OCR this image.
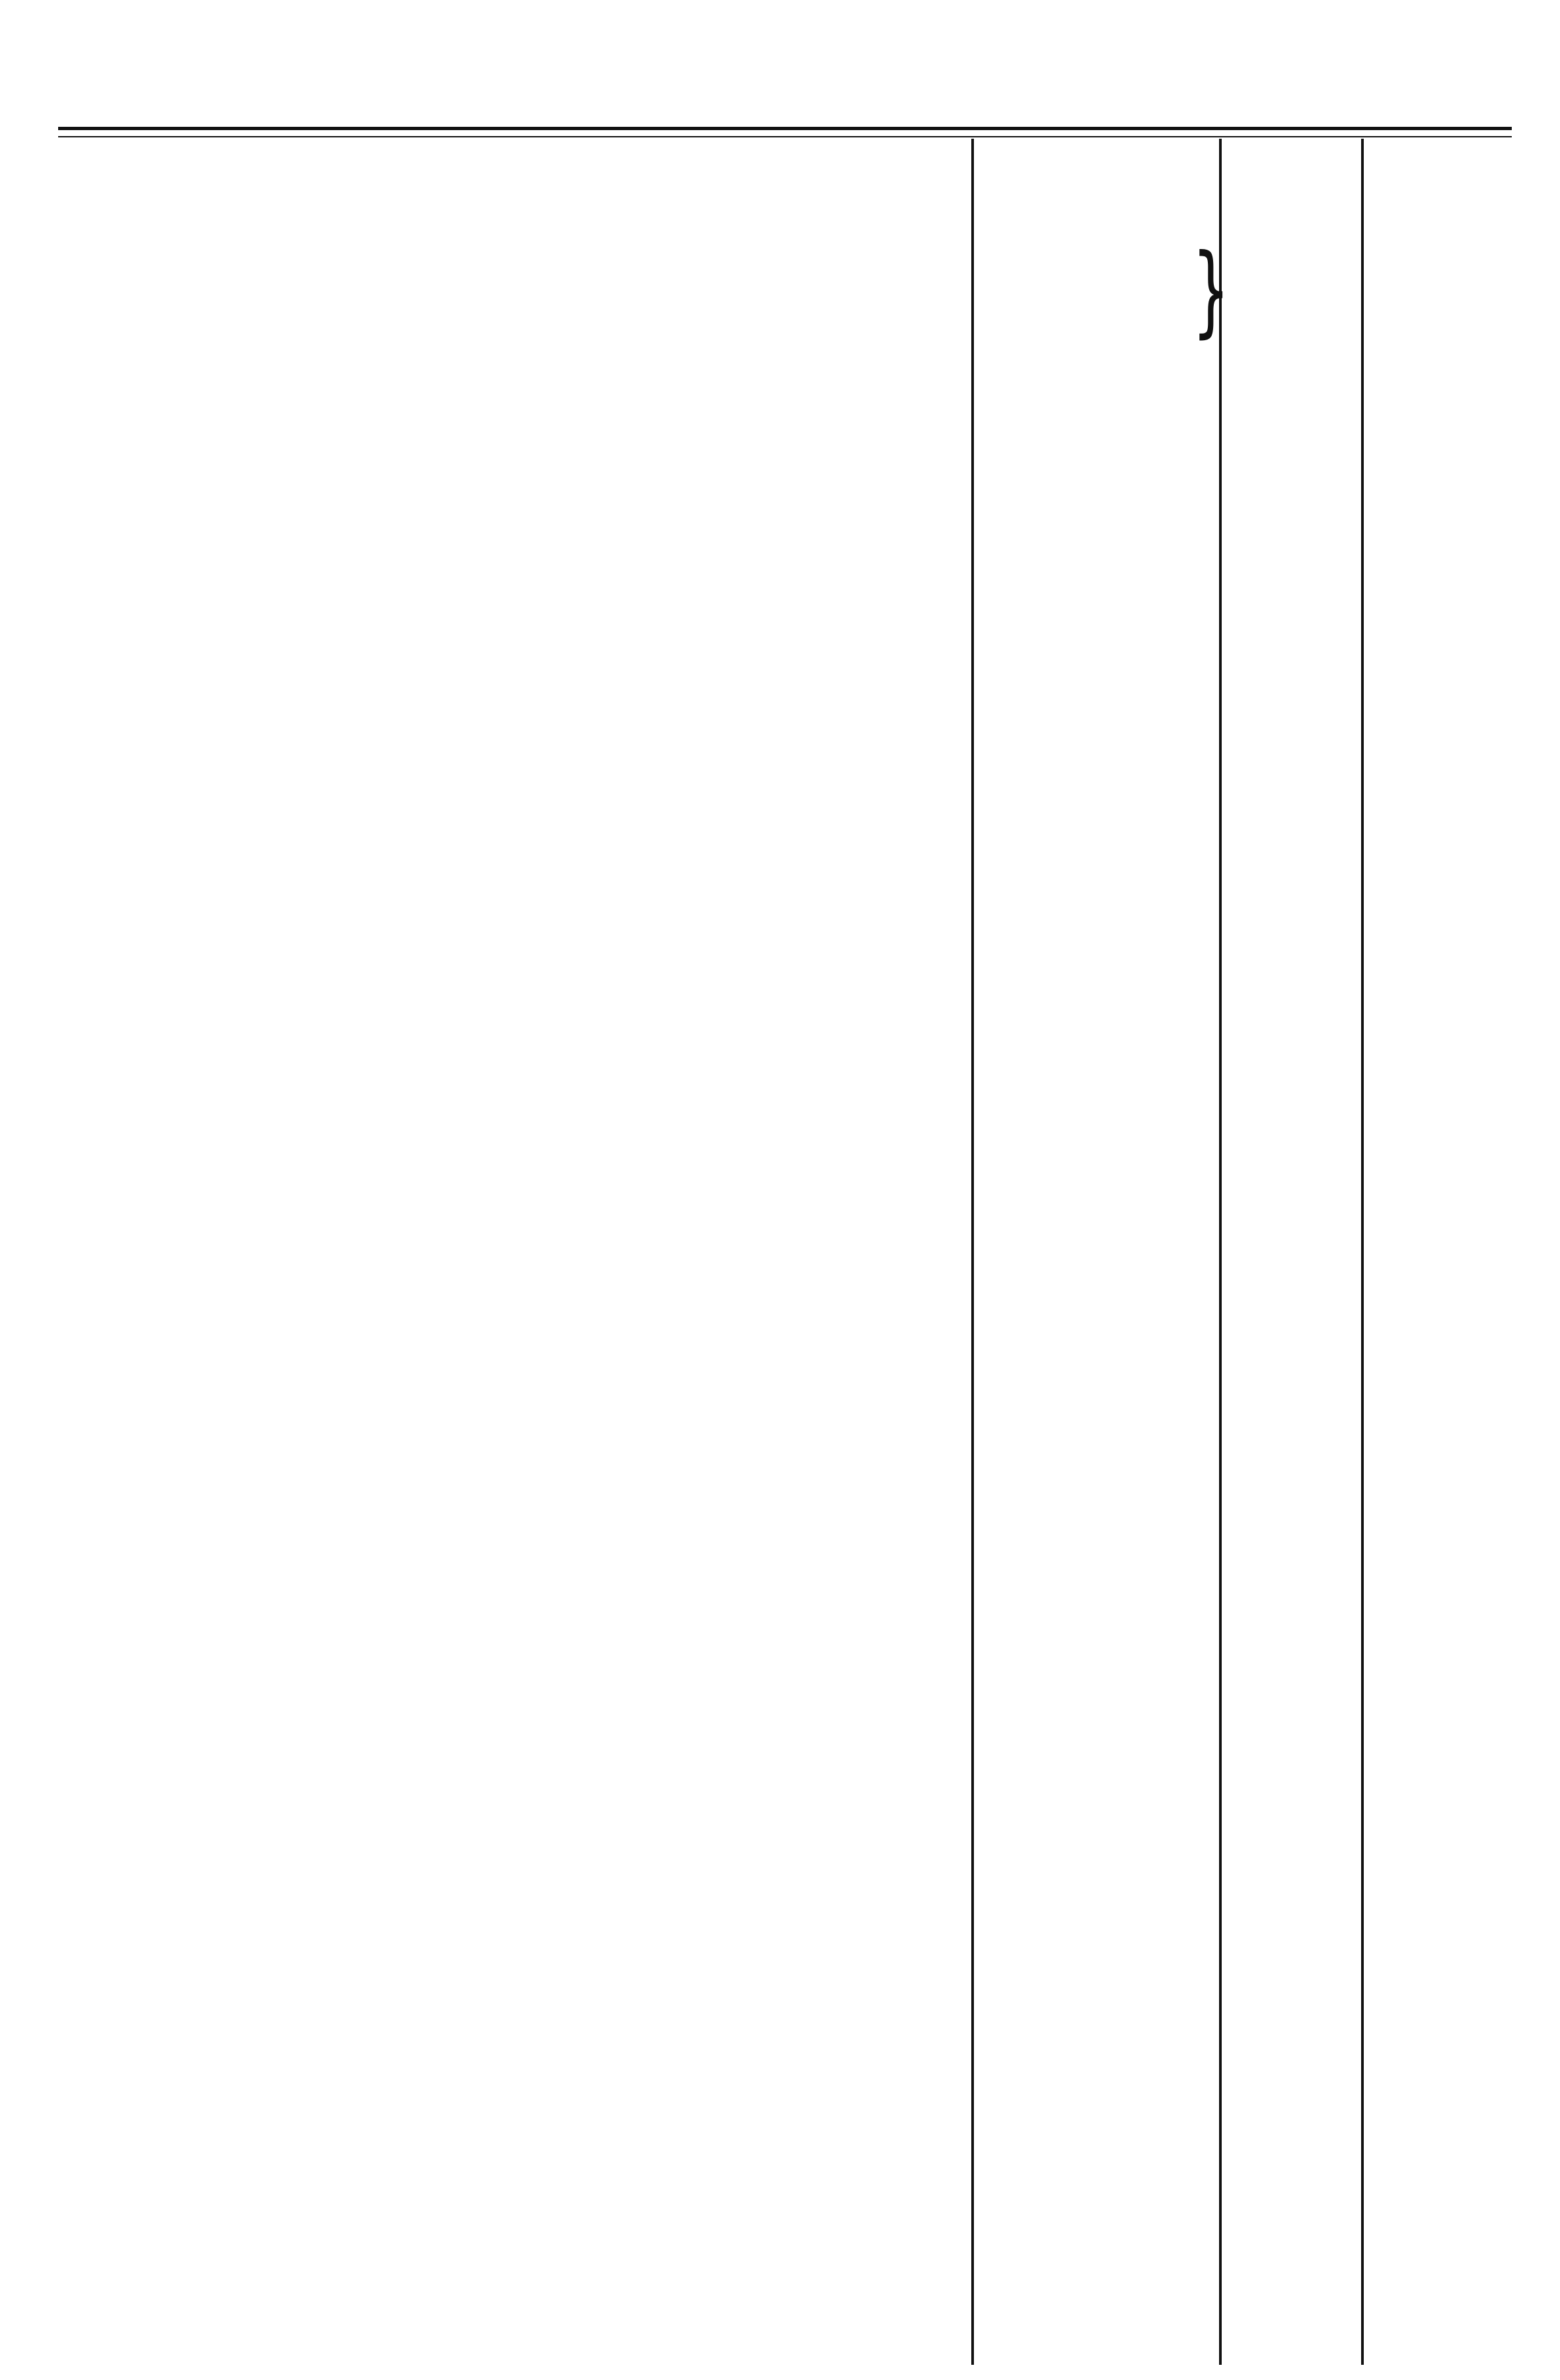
}
